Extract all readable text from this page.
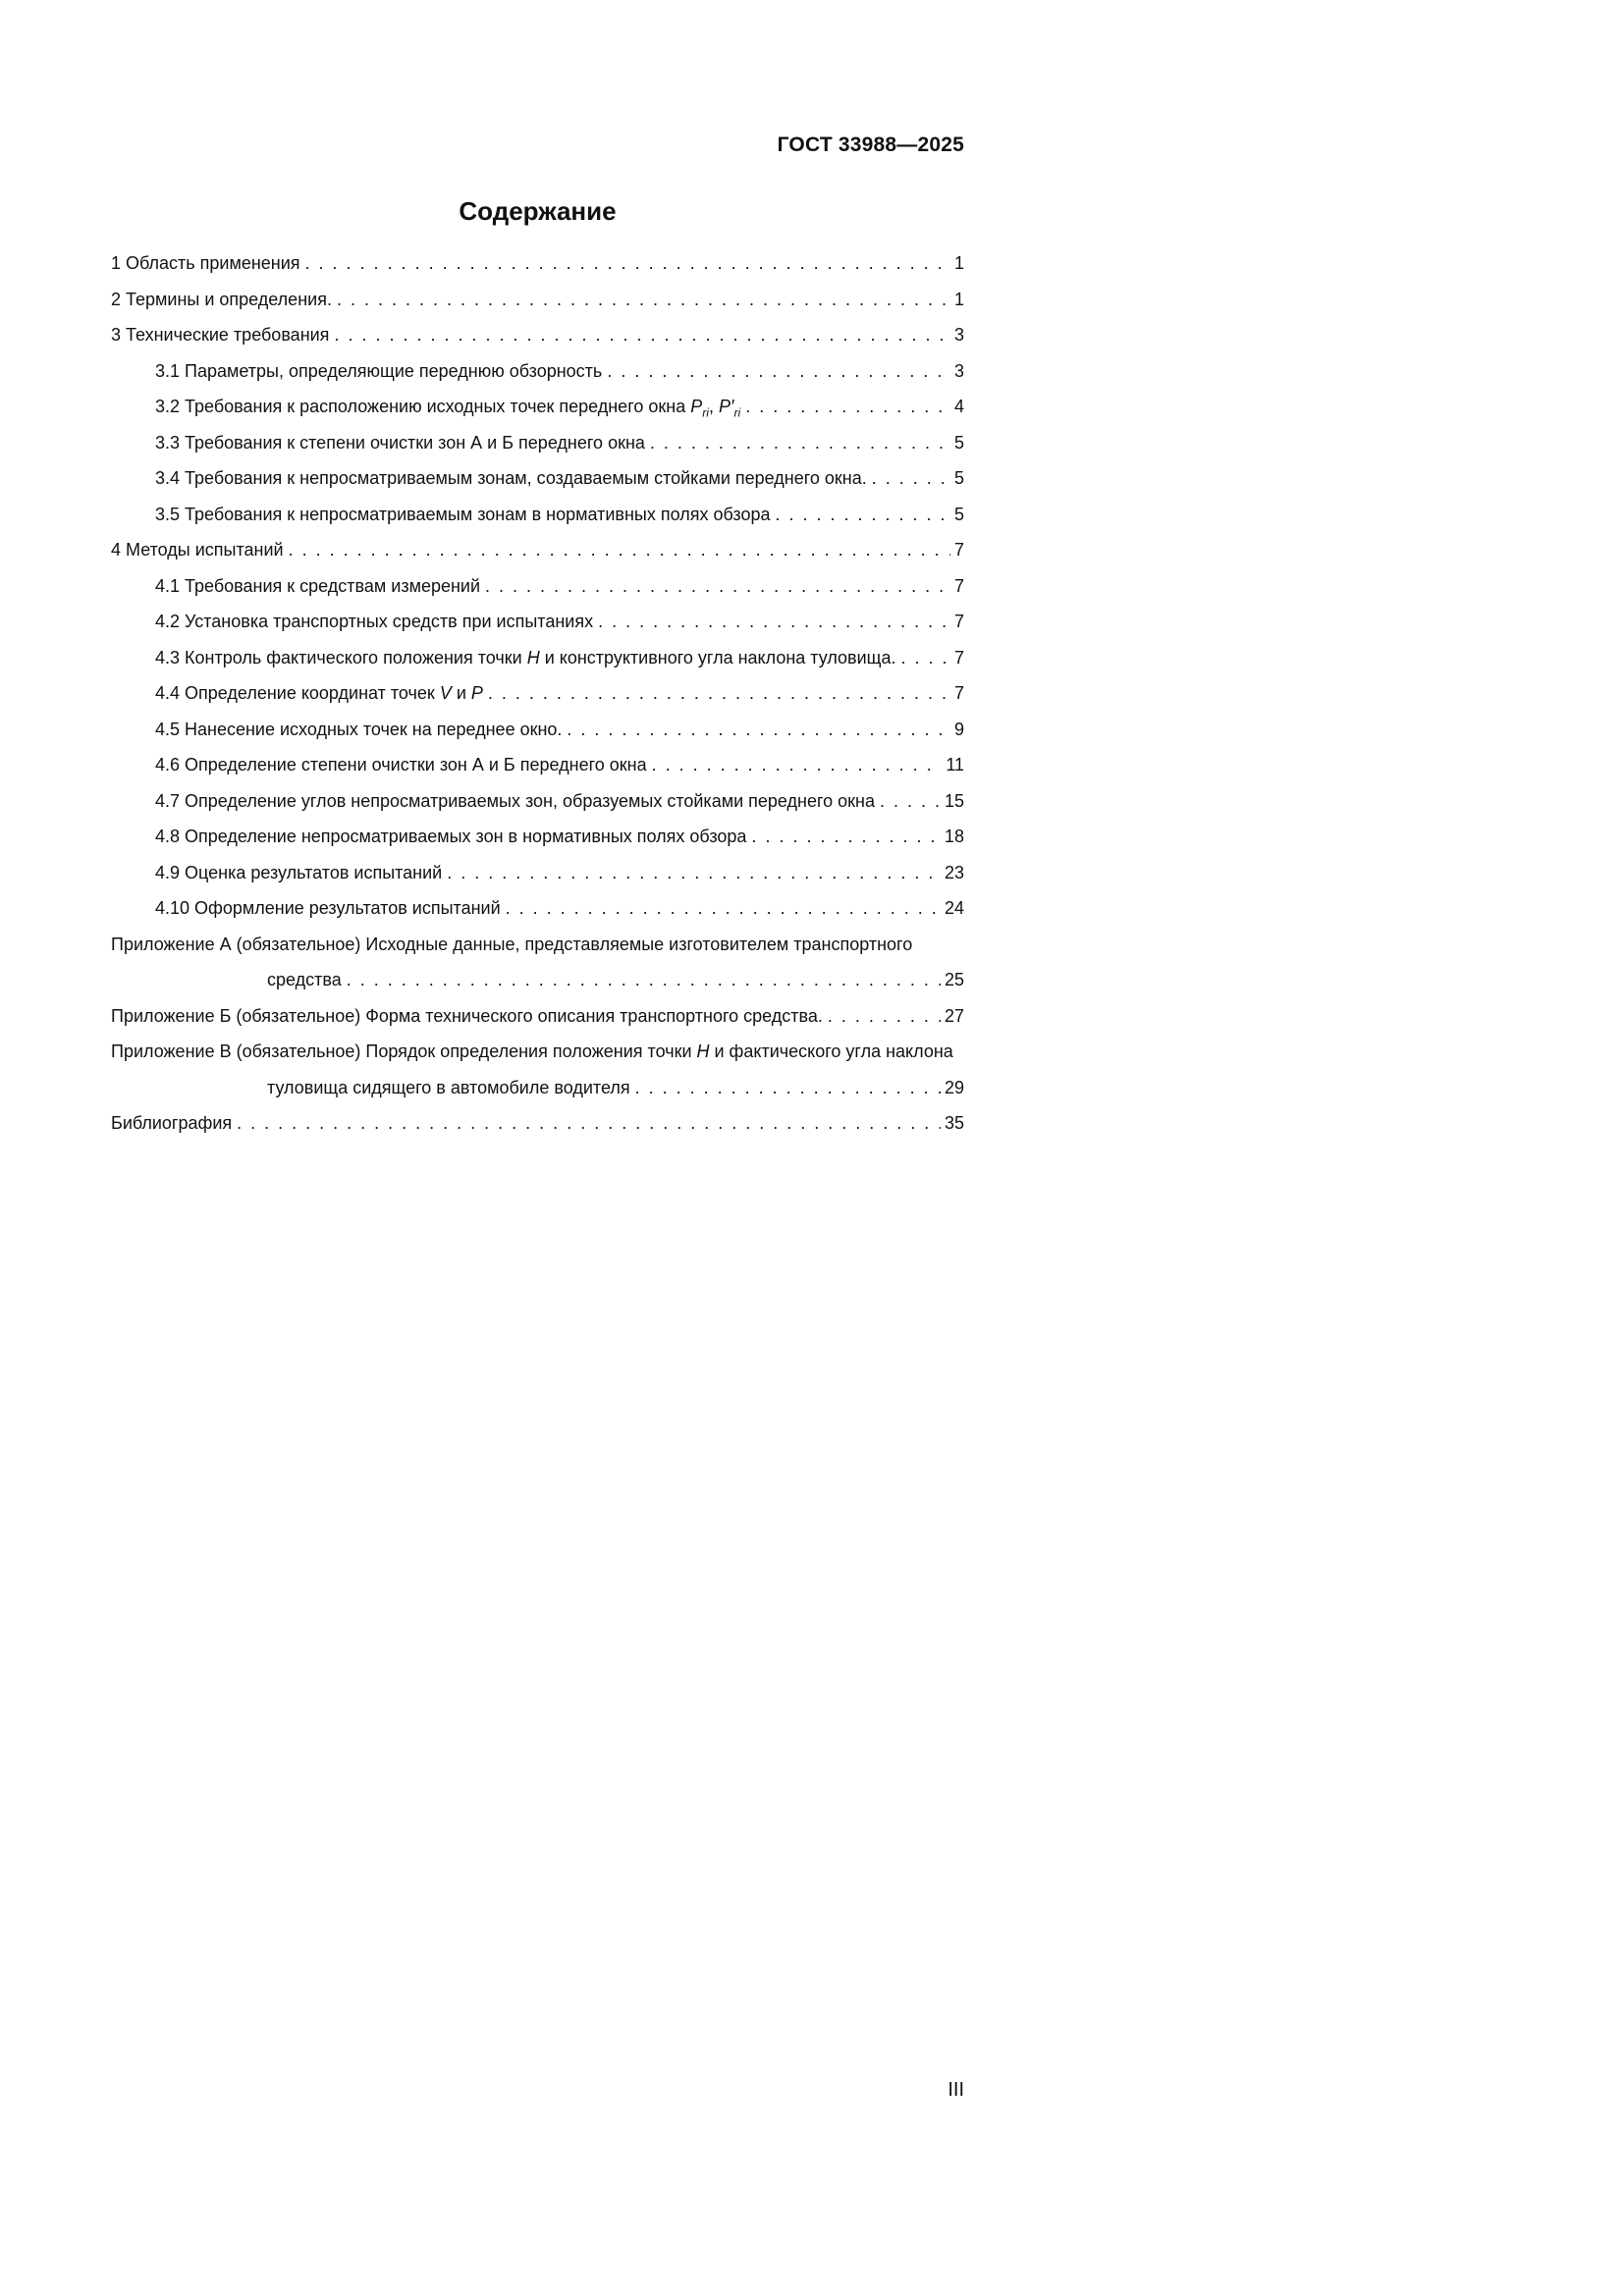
ГОСТ 33988—2025
Содержание
1 Область применения . . .	1
2 Термины и определения. . . .	1
3 Технические требования . . .	3
3.1 Параметры, определяющие переднюю обзорность . . .	3
3.2 Требования к расположению исходных точек переднего окна $P_{ri}$, $P'_{ri}$ . . .	4
3.3 Требования к степени очистки зон А и Б переднего окна . . .	5
3.4 Требования к непросматриваемым зонам, создаваемым стойками переднего окна. . . .	5
3.5 Требования к непросматриваемым зонам в нормативных полях обзора . . .	5
4 Методы испытаний . . .	7
4.1 Требования к средствам измерений . . .	7
4.2 Установка транспортных средств при испытаниях . . .	7
4.3 Контроль фактического положения точки Н и конструктивного угла наклона туловища. . . .	7
4.4 Определение координат точек V и P . . .	7
4.5 Нанесение исходных точек на переднее окно. . . .	9
4.6 Определение степени очистки зон А и Б переднего окна . . .	11
4.7 Определение углов непросматриваемых зон, образуемых стойками переднего окна . . .	15
4.8 Определение непросматриваемых зон в нормативных полях обзора . . .	18
4.9 Оценка результатов испытаний . . .	23
4.10 Оформление результатов испытаний . . .	24
Приложение А (обязательное) Исходные данные, представляемые изготовителем транспортного
средства . . .	25
Приложение Б (обязательное) Форма технического описания транспортного средства. . . .	27
Приложение В (обязательное) Порядок определения положения точки Н и фактического угла наклона
туловища сидящего в автомобиле водителя . . .	29
Библиография . . .	35
III
